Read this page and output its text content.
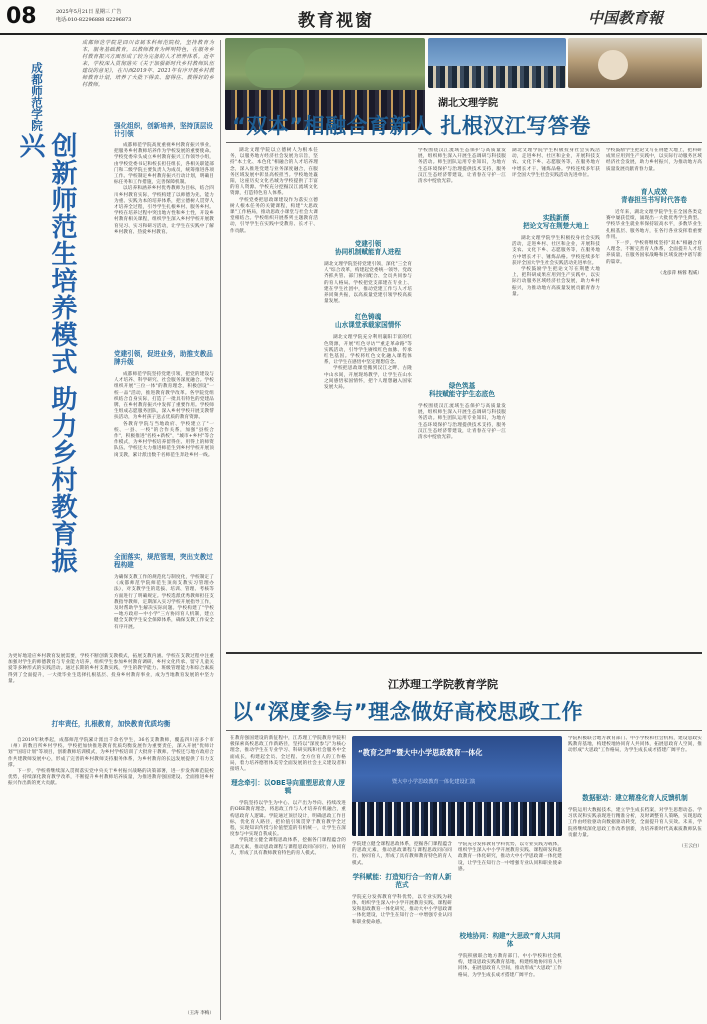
08	2025年5月21日 星期三 广告
电话:010-82296888 82296873	教育视窗	中国教育報
成都师范学院
成都师范学院是四川省属本科师范院校，坚持教育为本，服务基础教育，以教师教育为鲜明特色，在服务乡村教育振兴方面形成了较为完备的人才培养体系。近年来，学校深入贯彻落实《关于加强新时代乡村教师队伍建设的意见》，在川西2019年、2021年有序开展乡村教师教育计划，培养了大批下得去、留得住、教得好的乡村教师。
创新师范生培养模式 助力乡村教育振兴
强化组织，创新培养，坚持顶层设计引领

成都师范学院高度重视乡村教育振兴事业，把服务乡村教师培养作为学校发展的重要使命。学校党委牵头成立乡村教育振兴工作领导小组，由学校党委书记和校长担任组长，各相关职能部门和二级学院主要负责人为成员，统筹推进各项工作。学校制定乡村教育振兴行动计划，明确目标任务和工作措施，完善保障机制。

以培养和涵养乡村优秀教师为目标，结合四川乡村教育实际，学校构建了以师德为先、能力为重、实践为本的培养体系，把立德树人贯穿人才培养全过程，引导学生扎根乡村、服务乡村。学校在培养过程中突出地方性和乡土性，开设乡村教育相关课程，组织学生深入乡村学校开展教育见习、实习和研习活动，让学生在实践中了解乡村教育、热爱乡村教育。

党建引领，促进业务，助推支教品牌升级

成都师范学院坚持党建引领，把党的建设与人才培养、科学研究、社会服务深度融合。学校组织开展"三位一体"的教育理念，积极创设"一校一品"活动，推进教育教学改革。各学院党组织结合自身实际，打造了一批具有特色的党建品牌，在乡村教育振兴中发挥了重要作用。学校师生组成志愿服务团队，深入乡村学校开展支教帮扶活动，为乡村孩子送去优质的教育资源。

各教育学院与当地政府、学校建立了"一校、一县、一校"的合作关系，加强"县校合作"，积极推进"名校+新校"，"城市+乡村"等合作模式，为乡村学校培养留得住、用得上的师资队伍。学校还大力推进师范生到乡村学校开展顶岗支教，累计派出数千名师范生奔赴乡村一线。

全面落实，规范管理，突出支教过程构建
为确保支教工作的规范化与制度化，学校制定了《成都师范学院师范生顶岗支教实习管理办法》，对支教学生的选拔、培训、管理、考核等方面进行了明确规定。学校选派优秀教师担任支教指导教师，定期深入实习学校开展指导工作，及时帮助学生解决实际问题。学校构建了"学校—地方政府—中小学"三方协同育人机制，建立健全支教学生安全保障体系，确保支教工作安全有序开展。
为更好地适应乡村教育发展需要，学校不断创新支教模式，拓展支教内涵。学校在支教过程中注重加强对学生的师德教育与专业能力培养，组织学生参加乡村教育调研、乡村文化传承、留守儿童关爱等多种形式的实践活动。通过长期的乡村支教实践，学生的教学能力、班级管理能力和综合素质得到了全面提升，一大批毕业生选择扎根基层、投身乡村教育事业，成为当地教育发展的中坚力量。
打牢责任，扎根教育，加快教育优质均衡

自2019年秋季起，成都师范学院累计派出千余名学生，36名支教教师，覆盖四川省多个市（州）的数百所乡村学校。学校把加快推进教育优质均衡发展作为重要责任，深入开展"优师计划""国培计划"等项目，创新教师培训模式，为乡村学校培训了大批骨干教师。学校还与地方政府合作共建教师发展中心，形成了完善的乡村教师支持服务体系，为乡村教育的长远发展提供了有力支撑。

下一步，学校将继续深入贯彻落实党中央关于乡村振兴战略的决策部署，进一步发挥师范院校优势，持续深化教育教学改革，不断提升乡村教师培养质量，为推进教育强国建设、全面推进乡村振兴作出新的更大贡献。

（王涛 李梅）
湖北文理学院
“双本”相融合育新人 扎根汉江写答卷

湖北文理学院以立德树人为根本任务，以服务地方经济社会发展为宗旨，坚持"本土化、本色化"相融合的人才培养理念，深入推进党建与业务深度融合，在服务区域发展中彰显高校担当。学校地处襄阳，这座历史文化名城为学校提供了丰富的育人资源。学校充分挖掘汉江流域文化资源，打造特色育人体系。

学校党委把思政课建设作为落实立德树人根本任务的关键课程，构建"大思政课"工作格局，推动思政小课堂与社会大课堂相结合。学校组织开展系列主题教育活动，引导学生在实践中受教育、长才干、作贡献。

党建引领
协同机制赋能育人进程
湖北文理学院坚持党建引领，深化"三全育人"综合改革，构建起党委统一领导、党政齐抓共管、部门协同配合、全员共同参与的育人格局。学校把党支部建在专业上、建在学生社团中，推动党建工作与人才培养同频共振，以高质量党建引领学校高质量发展。
红色铸魂
山水课堂承载家国情怀

湖北文理学院充分利用襄阳丰富的红色资源，开展"红色寻访""重走革命路"等实践活动，引导学生赓续红色血脉、传承红色基因。学校将红色文化融入课程体系，让学生在感悟中坚定理想信念。

学校把思政课堂搬到汉江之畔、古隆中山水间，开展现场教学，让学生在山水之间感悟家国情怀，把个人理想融入国家发展大局。

学校围绕汉江流域生态保护与高质量发展，组织师生深入开展生态调研与科技服务活动。师生团队运用专业知识，为地方生态环境保护与治理提供技术支持，服务汉江生态经济带建设，让青春在守护一江清水中绽放光彩。
绿色筑基
科技赋能守护生态底色
学校围绕汉江流域生态保护与高质量发展，组织师生深入开展生态调研与科技服务活动。师生团队运用专业知识，为地方生态环境保护与治理提供技术支持，服务汉江生态经济带建设，让青春在守护一江清水中绽放光彩。
湖北文理学院学生积极投身社会实践活动，走进乡村、社区和企业，开展科技支农、文化下乡、志愿服务等，在服务地方中增长才干、锤炼品格。学校连续多年获评全国大学生社会实践活动先进单位。
实践新颜
把论文写在荆楚大地上

湖北文理学院学生积极投身社会实践活动，走进乡村、社区和企业，开展科技支农、文化下乡、志愿服务等，在服务地方中增长才干、锤炼品格。学校连续多年获评全国大学生社会实践活动先进单位。

学校鼓励学生把论文写在荆楚大地上，把科研成果应用到生产实践中，以实际行动服务区域经济社会发展，助力乡村振兴，为推动地方高质量发展贡献青春力量。

学校鼓励学生把论文写在荆楚大地上，把科研成果应用到生产实践中，以实际行动服务区域经济社会发展，助力乡村振兴，为推动地方高质量发展贡献青春力量。
育人成效
青春担当书写时代答卷

近年来，湖北文理学院学生在全国各类竞赛中屡获佳绩，涌现出一大批优秀学生典型。学校毕业生就业率保持较高水平，多数毕业生扎根基层、服务地方，在各行各业发挥着重要作用。

下一步，学校将继续坚持"双本"相融合育人理念，不断完善育人体系，全面提升人才培养质量，在服务国家战略和区域发展中谱写新的篇章。

（龙彦萍 杨蓉 程威）
江苏理工学院教育学院
以“深度参与”理念做好高校思政工作
在教育强国建设的新征程中，江苏理工学院教育学院积极探索高校思政工作新路径，坚持以"深度参与"为核心理念，推动学生在专业学习、科研实践和社会服务中全面成长，构建起全员、全过程、全方位育人的工作格局，着力培养德智体美劳全面发展的社会主义建设者和接班人。
理念牵引：以OBE导向重塑思政育人逻辑

学院坚持以学生为中心、以产出为导向、持续改进的OBE教育理念，将思政工作与人才培养有机融合，重构思政育人逻辑。学院通过顶层设计，明确思政工作目标，优化育人路径，把价值引领贯穿于教育教学全过程，实现知识传授与价值塑造的有机统一，让学生在深度参与中实现自我成长。

学院建立健全课程思政体系，挖掘各门课程蕴含的思政元素，推动思政课程与课程思政同向同行、协同育人，形成了具有教师教育特色的育人模式。

“教育之声”暨大中小学思政教育一体化
暨大中小学思政教育一体化建设汇演
学院建立健全课程思政体系，挖掘各门课程蕴含的思政元素，推动思政课程与课程思政同向同行、协同育人，形成了具有教师教育特色的育人模式。
学科赋能：打造知行合一的育人新范式
学院充分发挥教育学科优势，以专业实践为载体，组织学生深入中小学开展教育实践、课程研发和思政教育一体化研究，推动大中小学思政课一体化建设，让学生在知行合一中增强专业认同和职业使命感。
学院充分发挥教育学科优势，以专业实践为载体，组织学生深入中小学开展教育实践、课程研发和思政教育一体化研究，推动大中小学思政课一体化建设，让学生在知行合一中增强专业认同和职业使命感。
校地协同：构建“大思政”育人共同体
学院积极联合地方教育部门、中小学校和社会机构，建设思政实践教育基地，构建校地协同育人共同体，拓展思政育人空间，推动形成"大思政"工作格局，为学生成长成才搭建广阔平台。
学院积极联合地方教育部门、中小学校和社会机构，建设思政实践教育基地，构建校地协同育人共同体，拓展思政育人空间，推动形成"大思政"工作格局，为学生成长成才搭建广阔平台。
数据驱动：建立精准化育人反馈机制
学院运用大数据技术，建立学生成长档案，对学生思想动态、学习状况和实践表现进行精准分析，及时调整育人策略，实现思政工作由经验驱动向数据驱动转变，全面提升育人实效。未来，学院将继续深化思政工作改革创新，为培养新时代高素质教师队伍贡献力量。
（王云白）
